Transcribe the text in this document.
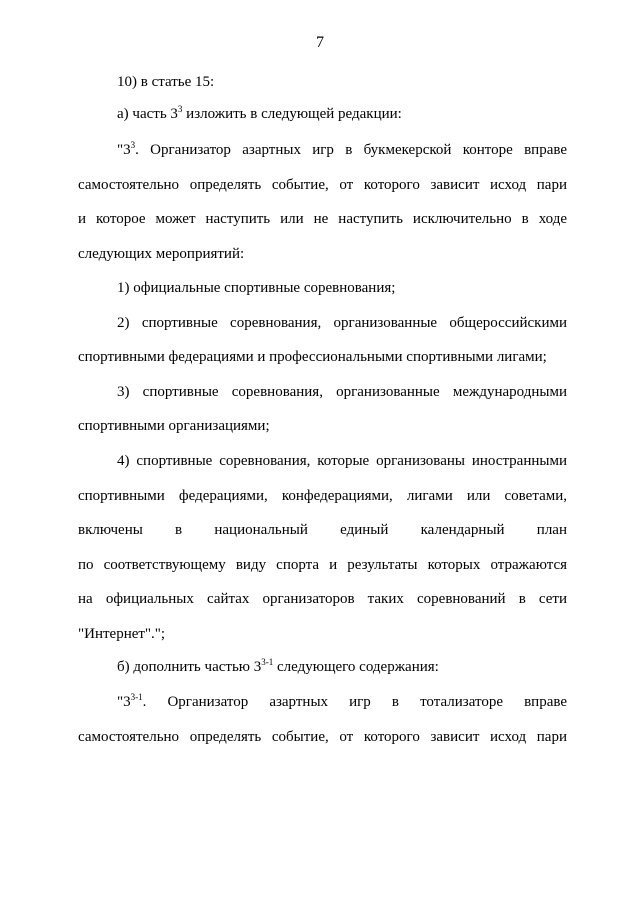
7
10) в статье 15:
а) часть $3^3$ изложить в следующей редакции:
"$3^3$. Организатор азартных игр в букмекерской конторе вправе
самостоятельно определять событие, от которого зависит исход пари
и которое может наступить или не наступить исключительно в ходе
следующих мероприятий:
1) официальные спортивные соревнования;
2) спортивные соревнования, организованные общероссийскими
спортивными федерациями и профессиональными спортивными лигами;
3) спортивные соревнования, организованные международными
спортивными организациями;
4) спортивные соревнования, которые организованы иностранными
спортивными федерациями, конфедерациями, лигами или советами,
включены в национальный единый календарный план
по соответствующему виду спорта и результаты которых отражаются
на официальных сайтах организаторов таких соревнований в сети
"Интернет".";
б) дополнить частью 3$^{3-1}$ следующего содержания:
"3$^{3-1}$. Организатор азартных игр в тотализаторе вправе
самостоятельно определять событие, от которого зависит исход пари
